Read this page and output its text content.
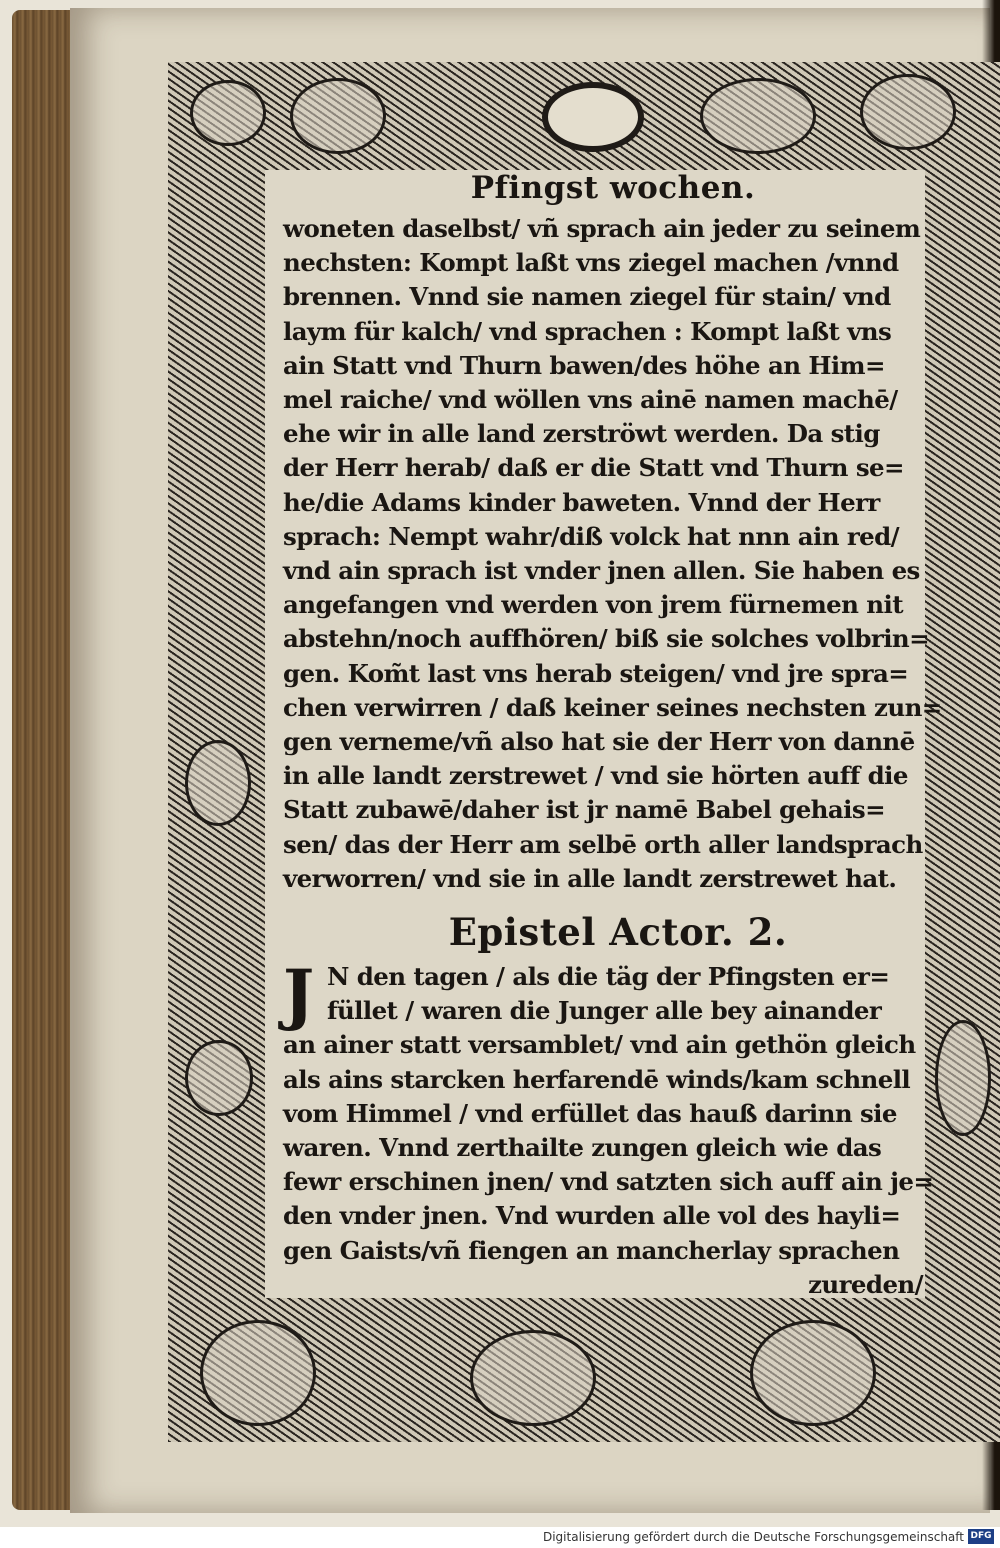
Pfingst wochen.
woneten daselbst/ vñ sprach ain jeder zu seinem
nechsten: Kompt laßt vns ziegel machen /vnnd
brennen. Vnnd sie namen ziegel für stain/ vnd
laym für kalch/ vnd sprachen : Kompt laßt vns
ain Statt vnd Thurn bawen/des höhe an Him=
mel raiche/ vnd wöllen vns ainē namen machē/
ehe wir in alle land zerströwt werden. Da stig
der Herr herab/ daß er die Statt vnd Thurn se=
he/die Adams kinder baweten. Vnnd der Herr
sprach: Nempt wahr/diß volck hat nnn ain red/
vnd ain sprach ist vnder jnen allen. Sie haben es
angefangen vnd werden von jrem fürnemen nit
abstehn/noch auffhören/ biß sie solches volbrin=
gen. Kom̃t last vns herab steigen/ vnd jre spra=
chen verwirren / daß keiner seines nechsten zun=
gen verneme/vñ also hat sie der Herr von dannē
in alle landt zerstrewet / vnd sie hörten auff die
Statt zubawē/daher ist jr namē Babel gehais=
sen/ das der Herr am selbē orth aller landsprach
verworren/ vnd sie in alle landt zerstrewet hat.
Epistel Actor. 2.
J N den tagen / als die täg der Pfingsten er=
füllet / waren die Junger alle bey ainander
an ainer statt versamblet/ vnd ain gethön gleich
als ains starcken herfarendē winds/kam schnell
vom Himmel / vnd erfüllet das hauß darinn sie
waren. Vnnd zerthailte zungen gleich wie das
fewr erschinen jnen/ vnd satzten sich auff ain je=
den vnder jnen. Vnd wurden alle vol des hayli=
gen Gaists/vñ fiengen an mancherlay sprachen
zureden/
Digitalisierung gefördert durch die Deutsche Forschungsgemeinschaft DFG
